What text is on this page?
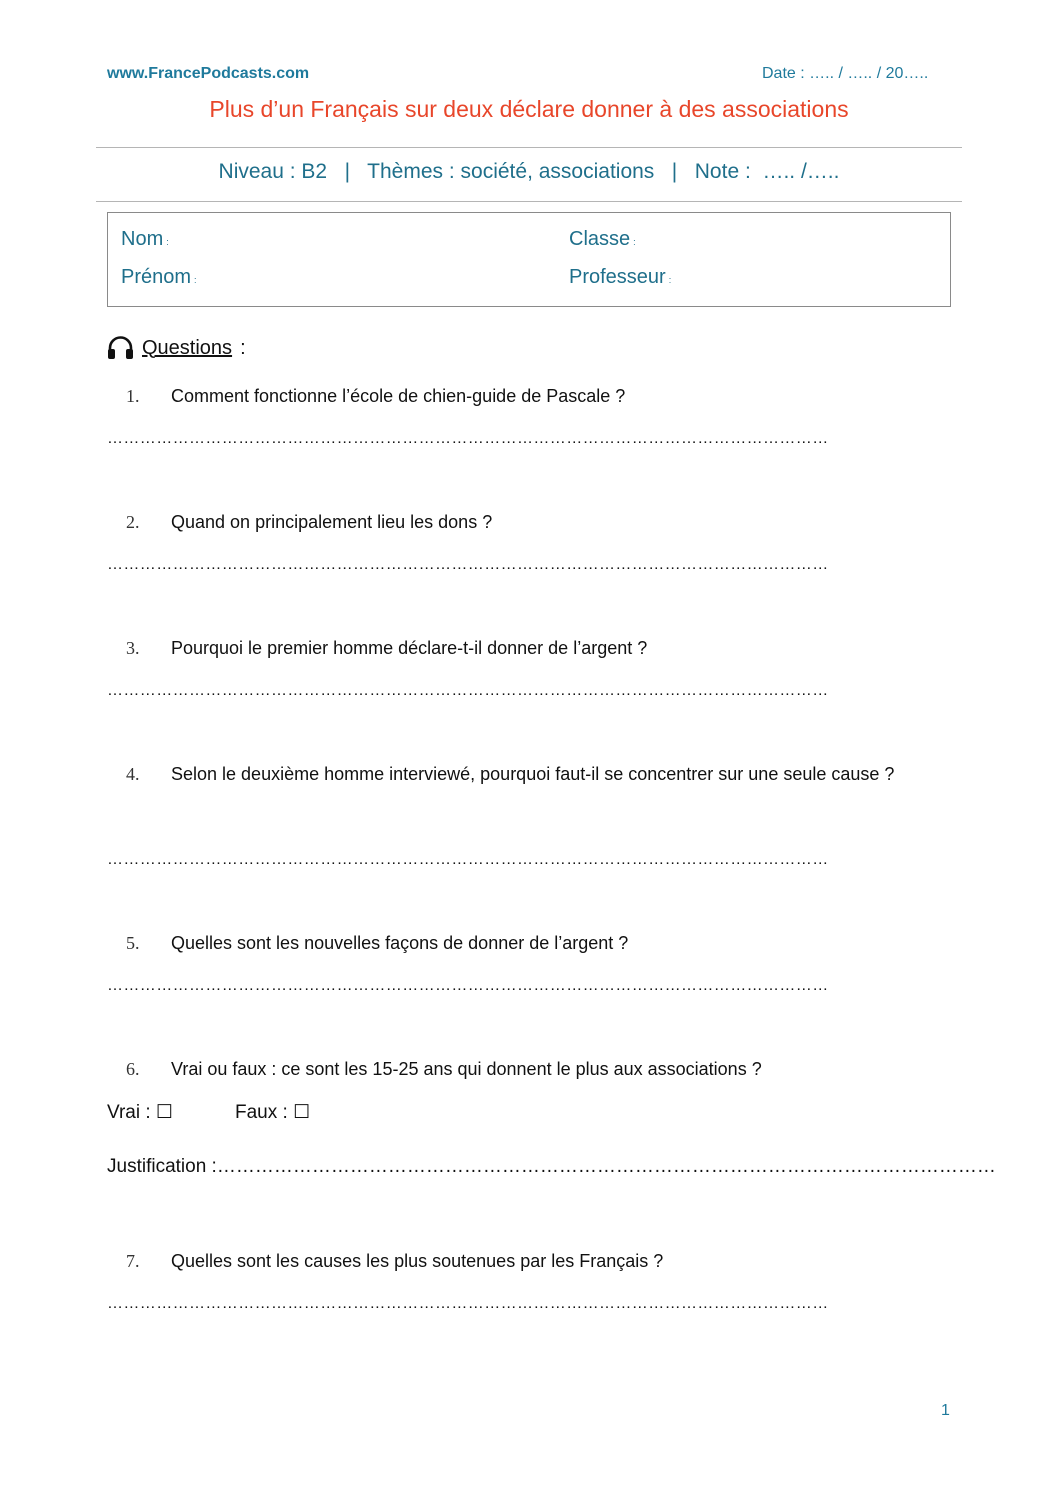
www.FrancePodcasts.com	Date : ….. / ….. / 20…..
Plus d’un Français sur deux déclare donner à des associations
Niveau : B2   |   Thèmes : société, associations   |   Note :  ….. /…..
Nom :	Classe :
Prénom :	Professeur :
Questions :
1. Comment fonctionne l’école de chien-guide de Pascale ?
……………………………………………………………………………………………………………………
2. Quand on principalement lieu les dons ?
……………………………………………………………………………………………………………………
3. Pourquoi le premier homme déclare-t-il donner de l’argent ?
……………………………………………………………………………………………………………………
4. Selon le deuxième homme interviewé, pourquoi faut-il se concentrer sur une seule cause ?
……………………………………………………………………………………………………………………
5. Quelles sont les nouvelles façons de donner de l’argent ?
……………………………………………………………………………………………………………………
6. Vrai ou faux : ce sont les 15-25 ans qui donnent le plus aux associations ?
Vrai : ☐	Faux : ☐
Justification :……………………………………………………………………………………………………………
7. Quelles sont les causes les plus soutenues par les Français ?
……………………………………………………………………………………………………………………
1
